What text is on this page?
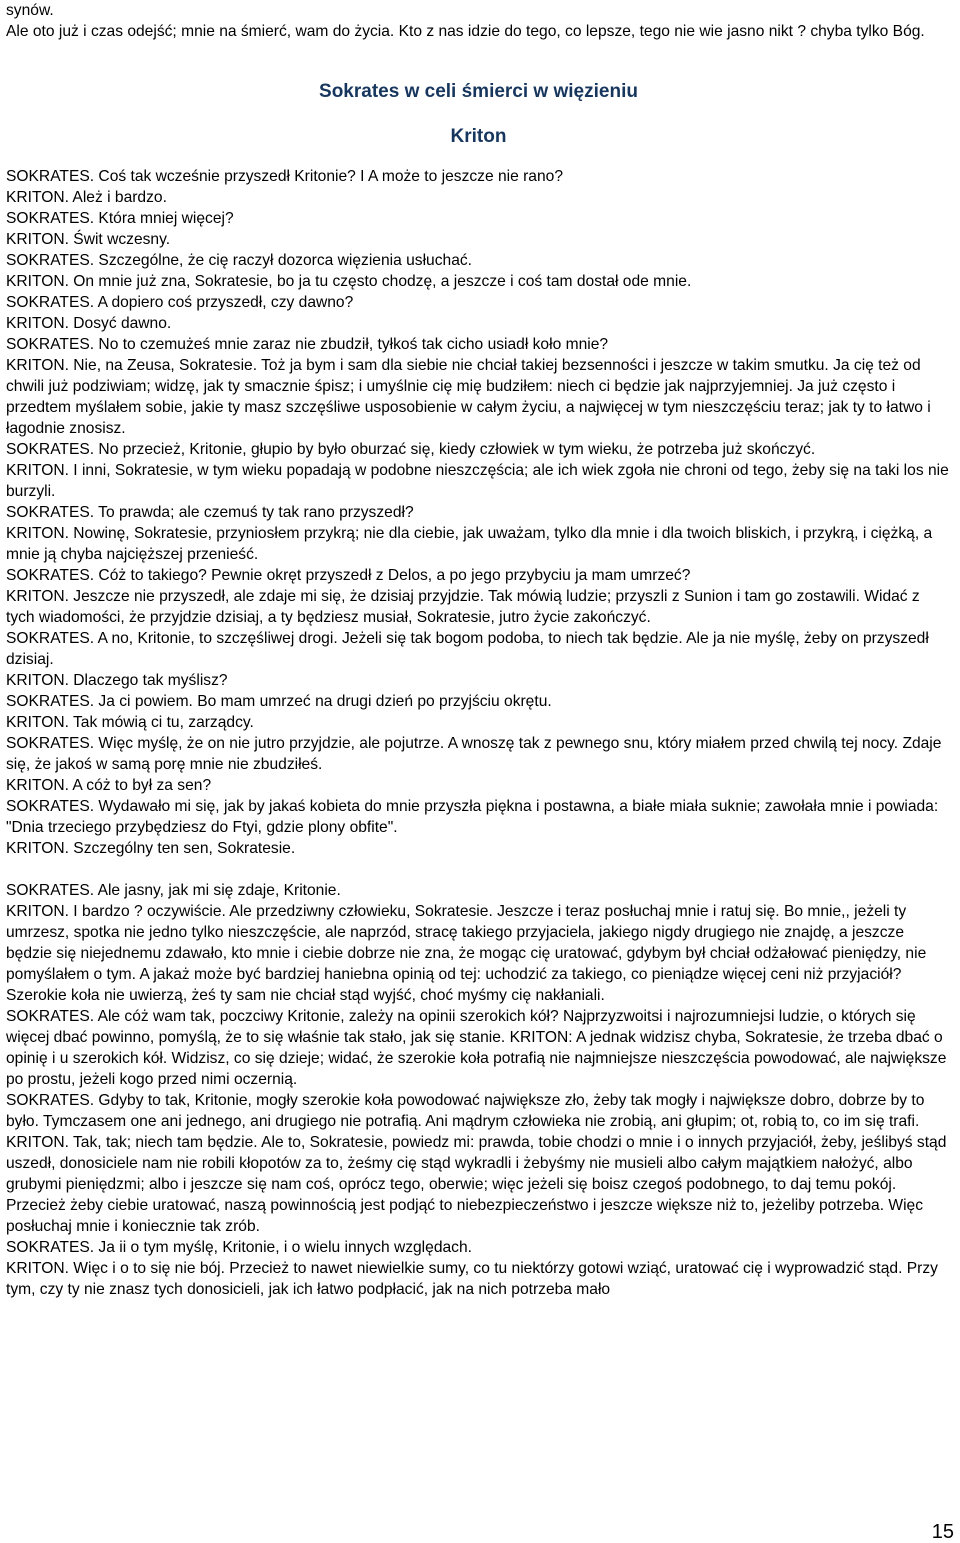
synów.

Ale oto już i czas odejść; mnie na śmierć, wam do życia. Kto z nas idzie do tego, co lepsze, tego nie wie jasno nikt ? chyba tylko Bóg.

Sokrates w celi śmierci w więzieniu
Kriton

SOKRATES. Coś tak wcześnie przyszedł Kritonie? I A może to jeszcze nie rano?

KRITON. Ależ i bardzo.

SOKRATES. Która mniej więcej?

KRITON. Świt wczesny.

SOKRATES. Szczególne, że cię raczył dozorca więzienia usłuchać.

KRITON. On mnie już zna, Sokratesie, bo ja tu często chodzę, a jeszcze i coś tam dostał ode mnie.

SOKRATES. A dopiero coś przyszedł, czy dawno?

KRITON. Dosyć dawno.

SOKRATES. No to czemużeś mnie zaraz nie zbudził, tyłkoś tak cicho usiadł koło mnie?

KRITON. Nie, na Zeusa, Sokratesie. Toż ja bym i sam dla siebie nie chciał takiej bezsenności i jeszcze w takim smutku. Ja cię też od chwili już podziwiam; widzę, jak ty smacznie śpisz; i umyślnie cię mię budziłem: niech ci będzie jak najprzyjemniej. Ja już często i przedtem myślałem sobie, jakie ty masz szczęśliwe usposobienie w całym życiu, a najwięcej w tym nieszczęściu teraz; jak ty to łatwo i łagodnie znosisz.

SOKRATES. No przecież, Kritonie, głupio by było oburzać się, kiedy człowiek w tym wieku, że potrzeba już skończyć.

KRITON. I inni, Sokratesie, w tym wieku popadają w podobne nieszczęścia; ale ich wiek zgoła nie chroni od tego, żeby się na taki los nie burzyli.

SOKRATES. To prawda; ale czemuś ty tak rano przyszedł?

KRITON. Nowinę, Sokratesie, przyniosłem przykrą; nie dla ciebie, jak uważam, tylko dla mnie i dla twoich bliskich, i przykrą, i ciężką, a mnie ją chyba najcięższej przenieść.

SOKRATES. Cóż to takiego? Pewnie okręt przyszedł z Delos, a po jego przybyciu ja mam umrzeć?

KRITON. Jeszcze nie przyszedł, ale zdaje mi się, że dzisiaj przyjdzie. Tak mówią ludzie; przyszli z Sunion i tam go zostawili. Widać z tych wiadomości, że przyjdzie dzisiaj, a ty będziesz musiał, Sokratesie, jutro życie zakończyć.

SOKRATES. A no, Kritonie, to szczęśliwej drogi. Jeżeli się tak bogom podoba, to niech tak będzie. Ale ja nie myślę, żeby on przyszedł dzisiaj.

KRITON. Dlaczego tak myślisz?

SOKRATES. Ja ci powiem. Bo mam umrzeć na drugi dzień po przyjściu okrętu.

KRITON. Tak mówią ci tu, zarządcy.

SOKRATES. Więc myślę, że on nie jutro przyjdzie, ale pojutrze. A wnoszę tak z pewnego snu, który miałem przed chwilą tej nocy. Zdaje się, że jakoś w samą porę mnie nie zbudziłeś.

KRITON. A cóż to był za sen?

SOKRATES. Wydawało mi się, jak by jakaś kobieta do mnie przyszła piękna i postawna, a białe miała suknie; zawołała mnie i powiada: "Dnia trzeciego przybędziesz do Ftyi, gdzie plony obfite".

KRITON. Szczególny ten sen, Sokratesie.

SOKRATES. Ale jasny, jak mi się zdaje, Kritonie.

KRITON. I bardzo ? oczywiście. Ale przedziwny człowieku, Sokratesie. Jeszcze i teraz posłuchaj mnie i ratuj się. Bo mnie,, jeżeli ty umrzesz, spotka nie jedno tylko nieszczęście, ale naprzód, stracę takiego przyjaciela, jakiego nigdy drugiego nie znajdę, a jeszcze będzie się niejednemu zdawało, kto mnie i ciebie dobrze nie zna, że mogąc cię uratować, gdybym był chciał odżałować pieniędzy, nie pomyślałem o tym. A jakaż może być bardziej haniebna opinią od tej: uchodzić za takiego, co pieniądze więcej ceni niż przyjaciół? Szerokie koła nie uwierzą, żeś ty sam nie chciał stąd wyjść, choć myśmy cię nakłaniali.

SOKRATES. Ale cóż wam tak, poczciwy Kritonie, zależy na opinii szerokich kół? Najprzyzwoitsi i najrozumniejsi ludzie, o których się więcej dbać powinno, pomyślą, że to się właśnie tak stało, jak się stanie. KRITON: A jednak widzisz chyba, Sokratesie, że trzeba dbać o opinię i u szerokich kół. Widzisz, co się dzieje; widać, że szerokie koła potrafią nie najmniejsze nieszczęścia powodować, ale największe po prostu, jeżeli kogo przed nimi oczernią.

SOKRATES. Gdyby to tak, Kritonie, mogły szerokie koła powodować największe zło, żeby tak mogły i największe dobro, dobrze by to było. Tymczasem one ani jednego, ani drugiego nie potrafią. Ani mądrym człowieka nie zrobią, ani głupim; ot, robią to, co im się trafi.

KRITON. Tak, tak; niech tam będzie. Ale to, Sokratesie, powiedz mi: prawda, tobie chodzi o mnie i o innych przyjaciół, żeby, jeślibyś stąd uszedł, donosiciele nam nie robili kłopotów za to, żeśmy cię stąd wykradli i żebyśmy nie musieli albo całym majątkiem nałożyć, albo grubymi pieniędzmi; albo i jeszcze się nam coś, oprócz tego, oberwie; więc jeżeli się boisz czegoś podobnego, to daj temu pokój. Przecież żeby ciebie uratować, naszą powinnością jest podjąć to niebezpieczeństwo i jeszcze większe niż to, jeżeliby potrzeba. Więc posłuchaj mnie i koniecznie tak zrób.

SOKRATES. Ja ii o tym myślę, Kritonie, i o wielu innych względach.

KRITON. Więc i o to się nie bój. Przecież to nawet niewielkie sumy, co tu niektórzy gotowi wziąć, uratować cię i wyprowadzić stąd. Przy tym, czy ty nie znasz tych donosicieli, jak ich łatwo podpłacić, jak na nich potrzeba mało

15
